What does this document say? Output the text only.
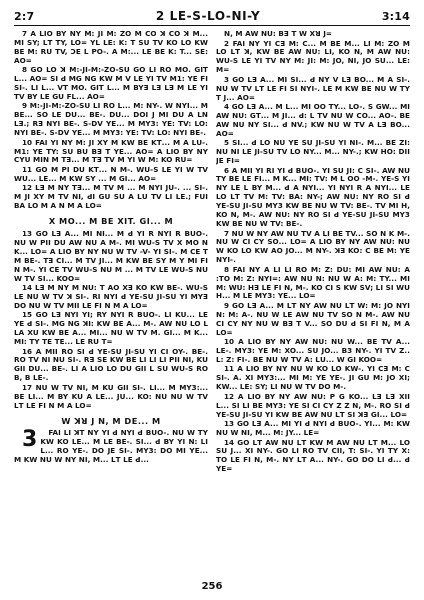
2:7	2 ꓡE-S-LO-NI-Y	3:14

7 A LIO BY NY M: JI M: ZO M CO ꓘ CO ꓘ M... MI SY; ꓡT TY, LO= YL LE: K: T SU TV KO LO KW BE M: RU TV, ꓛE ꓡ PO-. A M:... ꓡE BE K: T... SE: AO=

8 GO LO ꓘ M:-JI-M:-ZO-SU GO ꓡI RO MO. GꓲT ꓡ... AO= SI ꓒ MG NG KW M V LE YI TV M1: YE FI SI-. ꓡI ꓡ... VT MO. GꓲT ꓡ... M BYꓱ Lꓱ Lꓱ M LE YI TV BY LE GU FL... AO=

9 M:-JI-M:-ZO-SU ꓡI RO ꓡ... M: NY-. W NYI... M BE... SO LE DU... BE-. DU... DOꓲ J Mꓲ DU A ꓡN Lꓱ.; Rꓱ NYI BE-. S-DV YE... M MY3: YE: TV: LO: NYI BE-. S-DV YE... M MY3: YE: TV: LO: NYI BE-.

10 FAI YI NY M: JI XY M KW BE Kꓔ... M A ꓡU-. M1: YE TY: SU BU Bꓱ ꓔ YE... AO= A LIO BY NY CYU MꓲN M Tꓱ... M Tꓱ TV M YI W M: KO RU=

11 GO M Pꓲ DU Kꓔ... N M-. WU-S LE YI W TV WU... ꓡE... M KW SY ... M Gꓲ... AO=

12 Lꓱ M NY Tꓱ... M TV M ... M NYI JU-. ... SI-. M JI XY M TV NI, ꓒI GU SU A ꓡU TV ꓡI LE.; FUI BA LO M A N M A LO=

X MO... M BE XꓲT. Gꓲ... M

13 GO Lꓱ A... MI NI... M ꓒ YI R NYI R BUO-. NU W PꓲI DU AW NU A M-. MI WU-S TV X MO N K... LO= A LIO BY NY NU W TV -V- YI SI-. M CE T M BE-. Tꓱ Cꓲ... M TV Jꓲ... M KW BE SY M Y MI FI N M-. YI CE TV WU-S NU M ... M TV LE WU-S NU W TV SI... KOO=

14 Lꓱ M NY M NU: ꓔ AO Xꓱ KO KW BE-. WU-S LE NU W TV ꓘ SI-. RI NYI ꓒ YE-SU JI-SU YI MYꓱ DO NU W TV MꓲI LE FI N M A LO=

15 GO Lꓱ NYI YI; RY NYI R BUO-. ꓡI KU... ꓡE YE ꓒ SI-. MG NG ꓘI: KW BE A... M-. AW NU LO ꓡ LA XU KW BE A... MI... NU W TV M. Gꓲ... M K... MI: TY TE TE... LE RU T=

16 A MꓲI RO SI ꓒ YE-SU JI-SU YI CI OY-. BE-. RO TV NI NU SI-. Rꓱ SE KW BE ꓡI ꓡI ꓡI PꓲI NI, KU GꓲI DU... BE-. ꓡI A LIO LO DU GꓲI L SU WU-S RO B, B LE-.

17 NU W TV NI, M KU GꓲI SI-. ꓡI... M MY3:... BE ꓡI... M BY KU A ꓡE... JU... KO: NU NU W TV ꓡꓔ LE FI N M A LO=

W ꓘꓤ J N, M DE... M

3 FAI ꓡI ꓘꓔ NY YI ꓒ NYI ꓒ BUO-. NU W TY KW KO LE... M LE BE-. SI... ꓒ BY YI N: ꓡI ꓡ... RO YE-. DO JE SI-. MY3: DO Mꓲ YE... M KW NU W NY NI, M... ꓡꓔ LE ꓒ...

N, M AW NU: Bꓱ ꓔ W Xꓤ J=

2 FAI NY YI Cꓱ M: C... M BE M... ꓡI M: ZO M LO ꓡꓔ ꓘ, KW BE AW NU: LI, KO N, M AW NU: WU-S LE YI TV NY M: JI: M: JO, NI, JO SU... LE: M=

3 GO Lꓱ A... MI SI... ꓒ NY V Lꓱ BO... M A SI-. NU W TV ꓡꓔ LE FI SI NYI-. LE M KW BE NU W TY T J... AO=

4 GO Lꓱ A... M ꓡ... MI OO TY... LO-. S GW... MI AW NU: Gꓔ... M JI... ꓒ: ꓡ TV NU W CO... AO-. BE AW NU NY SI... ꓒ NV.; KW NU W TV A Lꓱ BO... AO=

5 SI... ꓒ LO NU YE SU JI-SU YI NI-. M... BE ZI: NU NI LE JI-SU TV LO NY... M... NY-.; KW HO: DꓲI JE FI=

6 A MꓲI YI RI YI ꓒ BUO-. YI SU JI: C SI-. AW NU TY BE LE FI... M K... MI: TV: M ꓡ OO -M-. YE-S YI NY ꓡE ꓡ BY M... ꓒ A NYI... YI NYI R A NYI... ꓡE LO ꓡꓔ TV M: TV: BA: NY-; AW NU: NY RO SI ꓒ YE-SU JI-SU MY3 KW BE NU W TV: BE-. TV Mꓲ H, KO N, M-. AW NU: NY RO SI ꓒ YE-SU JI-SU MY3 KW BE NU W TV: BE-.

7 NU W NY AW NU TV A LI BE TV... SO N K M-. NU W CI CY SO... LO= A LIO BY NY AW NU: NU W KO LO KW AO JO... M NY-. ꓘꓱ KO: C BE M: YE NYI-.

8 FAI NY A LI ꓡI RO M: Z: DU: MI AW NU: A :TO M: Z: NYI=: AW NU N: NU W A: M: TY... MI M: WU: Hꓱ LE FI N, M-. KO Cꓲ S KW SV; ꓡI SI WU H... M LE MY3: YE... LO=

9 GO Lꓱ A... M ꓡꓔ NY AW NU ꓡꓔ W: M: JO NYI N: M: A-. NU W LE AW NU TV SO N M-. AW NU CI CY NY NU W Bꓱ ꓔ V... SO DU ꓒ SI FI N, M A LO=

10 A LIO BY NY AW NU: NU W... BE TV A... ꓡE-. MY3: YE M: XO... SU JO... B3 NY-. YI TV Z.. ꓡ: Z: FI-. BE NU W TV A: ꓡU... W Gꓲ KOO=

11 A LIO BY NY NU W KO LO KW-. YI Cꓱ M: C SI-. A. Xꓲ MY3:... MI M: YE YE-. JI GU M: JO Xꓲ; KW... LE: SY; ꓡI NU W TV DO M-.

12 A LIO BY NY AW NU: P ꓖ KO... ꓡꓱ Lꓱ XꓲI ꓡ... SI LI BE MY3: YE SI CI CY Z Z N, M-. RO SI ꓒ YE-SU JI-SU YI KW BE AW NU ꓡꓔ SI ꓘꓱ Gꓲ... LO=

13 GO Lꓱ A... MI YI ꓒ NYI ꓒ BUO-. YI... M: KW NU W NI, M... M: JY... LE=

14 GO ꓡꓔ AW NU ꓡꓔ KW M AW NU ꓡꓔ M... LO SU J... Xꓲ NY-. GO ꓡI RO TV CꓲI, T: SI-. YI TY X: TO LE FI N, M-. NY ꓡꓔ A... NY-. GO DO ꓡI ꓒ... ꓒ YE=

256
